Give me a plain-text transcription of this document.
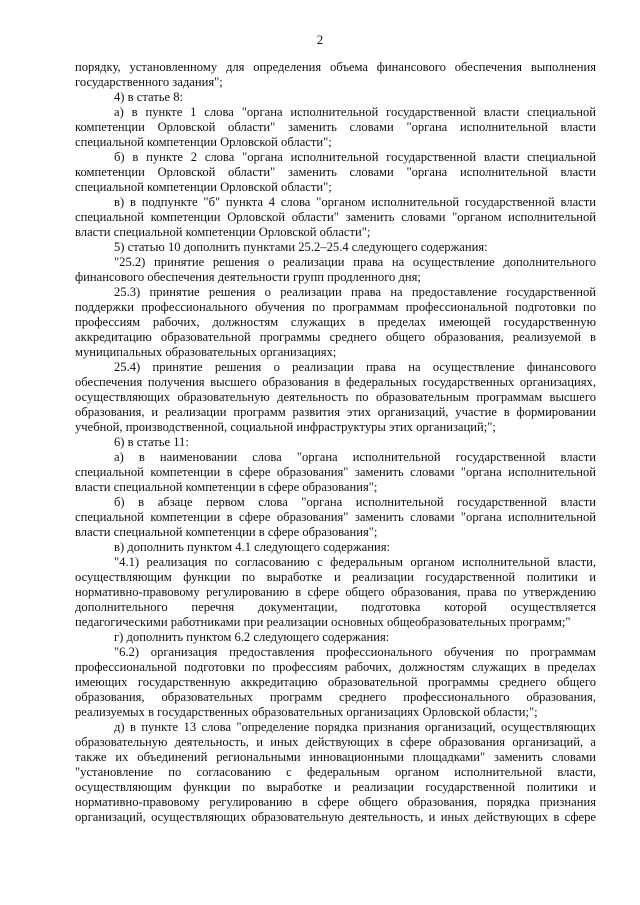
2
порядку, установленному для определения объема финансового обеспечения выполнения
государственного задания";
4) в статье 8:
а) в пункте 1 слова "органа исполнительной государственной власти специальной
компетенции Орловской области" заменить словами "органа исполнительной власти
специальной компетенции Орловской области";
б) в пункте 2 слова "органа исполнительной государственной власти специальной
компетенции Орловской области" заменить словами "органа исполнительной власти
специальной компетенции Орловской области";
в) в подпункте "б" пункта 4 слова "органом исполнительной государственной власти
специальной компетенции Орловской области" заменить словами "органом исполнительной
власти специальной компетенции Орловской области";
5) статью 10 дополнить пунктами 25.2–25.4 следующего содержания:
"25.2) принятие решения о реализации права на осуществление дополнительного
финансового обеспечения деятельности групп продленного дня;
25.3) принятие решения о реализации права на предоставление государственной
поддержки профессионального обучения по программам профессиональной подготовки по
профессиям рабочих, должностям служащих в пределах имеющей государственную
аккредитацию образовательной программы среднего общего образования, реализуемой в
муниципальных образовательных организациях;
25.4) принятие решения о реализации права на осуществление финансового
обеспечения получения высшего образования в федеральных государственных организациях,
осуществляющих образовательную деятельность по образовательным программам высшего
образования, и реализации программ развития этих организаций, участие в формировании
учебной, производственной, социальной инфраструктуры этих организаций;";
6) в статье 11:
а) в наименовании слова "органа исполнительной государственной власти
специальной компетенции в сфере образования" заменить словами "органа исполнительной
власти специальной компетенции в сфере образования";
б) в абзаце первом слова "органа исполнительной государственной власти
специальной компетенции в сфере образования" заменить словами "органа исполнительной
власти специальной компетенции в сфере образования";
в) дополнить пунктом 4.1 следующего содержания:
"4.1) реализация по согласованию с федеральным органом исполнительной власти,
осуществляющим функции по выработке и реализации государственной политики и
нормативно-правовому регулированию в сфере общего образования, права по утверждению
дополнительного перечня документации, подготовка которой осуществляется
педагогическими работниками при реализации основных общеобразовательных программ;"
г) дополнить пунктом 6.2 следующего содержания:
"6.2) организация предоставления профессионального обучения по программам
профессиональной подготовки по профессиям рабочих, должностям служащих в пределах
имеющих государственную аккредитацию образовательной программы среднего общего
образования, образовательных программ среднего профессионального образования,
реализуемых в государственных образовательных организациях Орловской области;";
д) в пункте 13 слова "определение порядка признания организаций, осуществляющих
образовательную деятельность, и иных действующих в сфере образования организаций, а
также их объединений региональными инновационными площадками" заменить словами
"установление по согласованию с федеральным органом исполнительной власти,
осуществляющим функции по выработке и реализации государственной политики и
нормативно-правовому регулированию в сфере общего образования, порядка признания
организаций, осуществляющих образовательную деятельность, и иных действующих в сфере
